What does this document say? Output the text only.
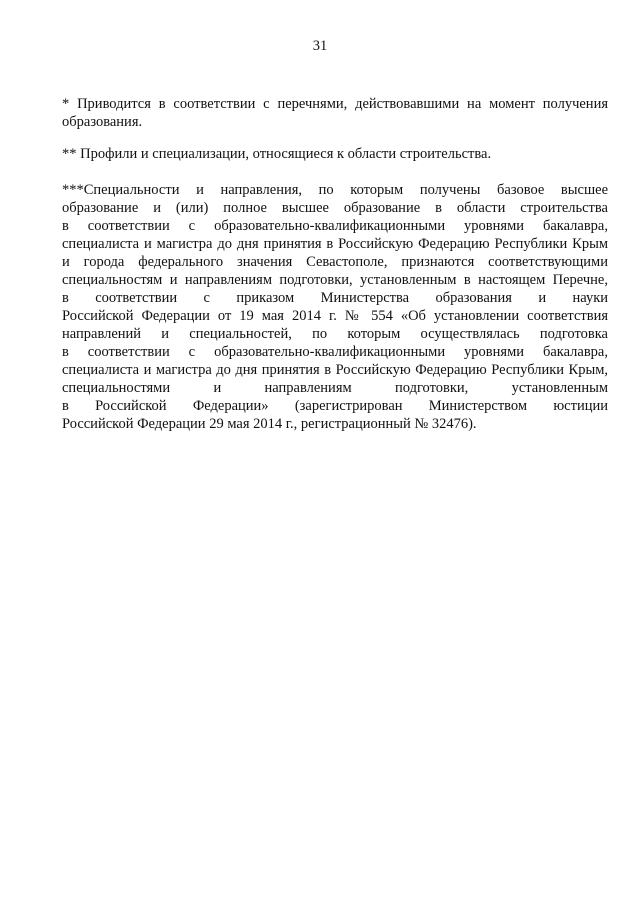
31
* Приводится в соответствии с перечнями, действовавшими на момент получения
образования.
** Профили и специализации, относящиеся к области строительства.
***Специальности и направления, по которым получены базовое высшее
образование и (или) полное высшее образование в области строительства
в соответствии с образовательно-квалификационными уровнями бакалавра,
специалиста и магистра до дня принятия в Российскую Федерацию Республики Крым
и города федерального значения Севастополе, признаются соответствующими
специальностям и направлениям подготовки, установленным в настоящем Перечне,
в соответствии с приказом Министерства образования и науки
Российской Федерации от 19 мая 2014 г. № 554 «Об установлении соответствия
направлений и специальностей, по которым осуществлялась подготовка
в соответствии с образовательно-квалификационными уровнями бакалавра,
специалиста и магистра до дня принятия в Российскую Федерацию Республики Крым,
специальностями и направлениям подготовки, установленным
в Российской Федерации» (зарегистрирован Министерством юстиции
Российской Федерации 29 мая 2014 г., регистрационный № 32476).
